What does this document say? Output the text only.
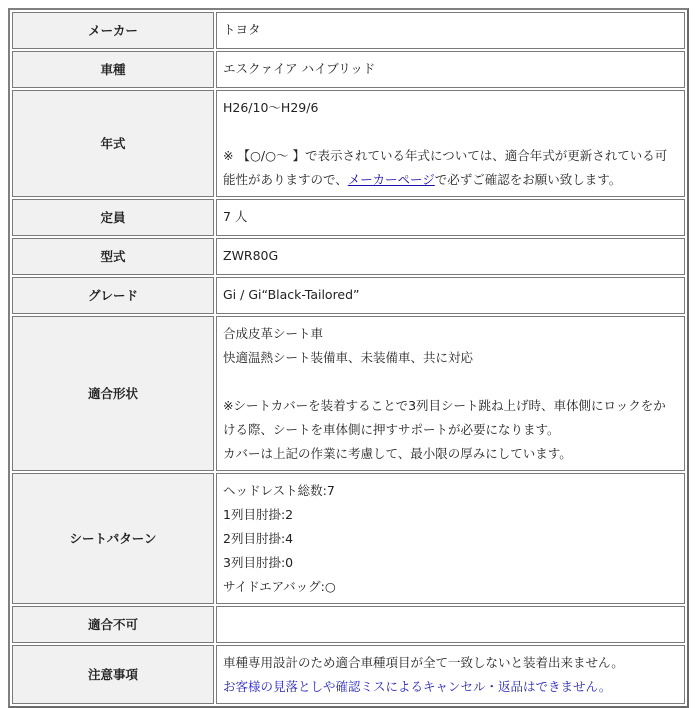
メーカー	トヨタ
車種	エスクァイア ハイブリッド
年式	H26/10～H29/6
※ 【○/○～ 】で表示されている年式については、適合年式が更新されている可能性がありますので、メーカーページで必ずご確認をお願い致します。
定員	7 人
型式	ZWR80G
グレード	Gi / Gi“Black-Tailored”
適合形状	合成皮革シート車
快適温熱シート装備車、未装備車、共に対応
※シートカバーを装着することで3列目シート跳ね上げ時、車体側にロックをかける際、シートを車体側に押すサポートが必要になります。
カバーは上記の作業に考慮して、最小限の厚みにしています。

シートパターン	ヘッドレスト総数:7
1列目肘掛:2
2列目肘掛:4
3列目肘掛:0
サイドエアバッグ:○

適合不可	
注意事項	車種専用設計のため適合車種項目が全て一致しないと装着出来ません。
お客様の見落としや確認ミスによるキャンセル・返品はできません。
